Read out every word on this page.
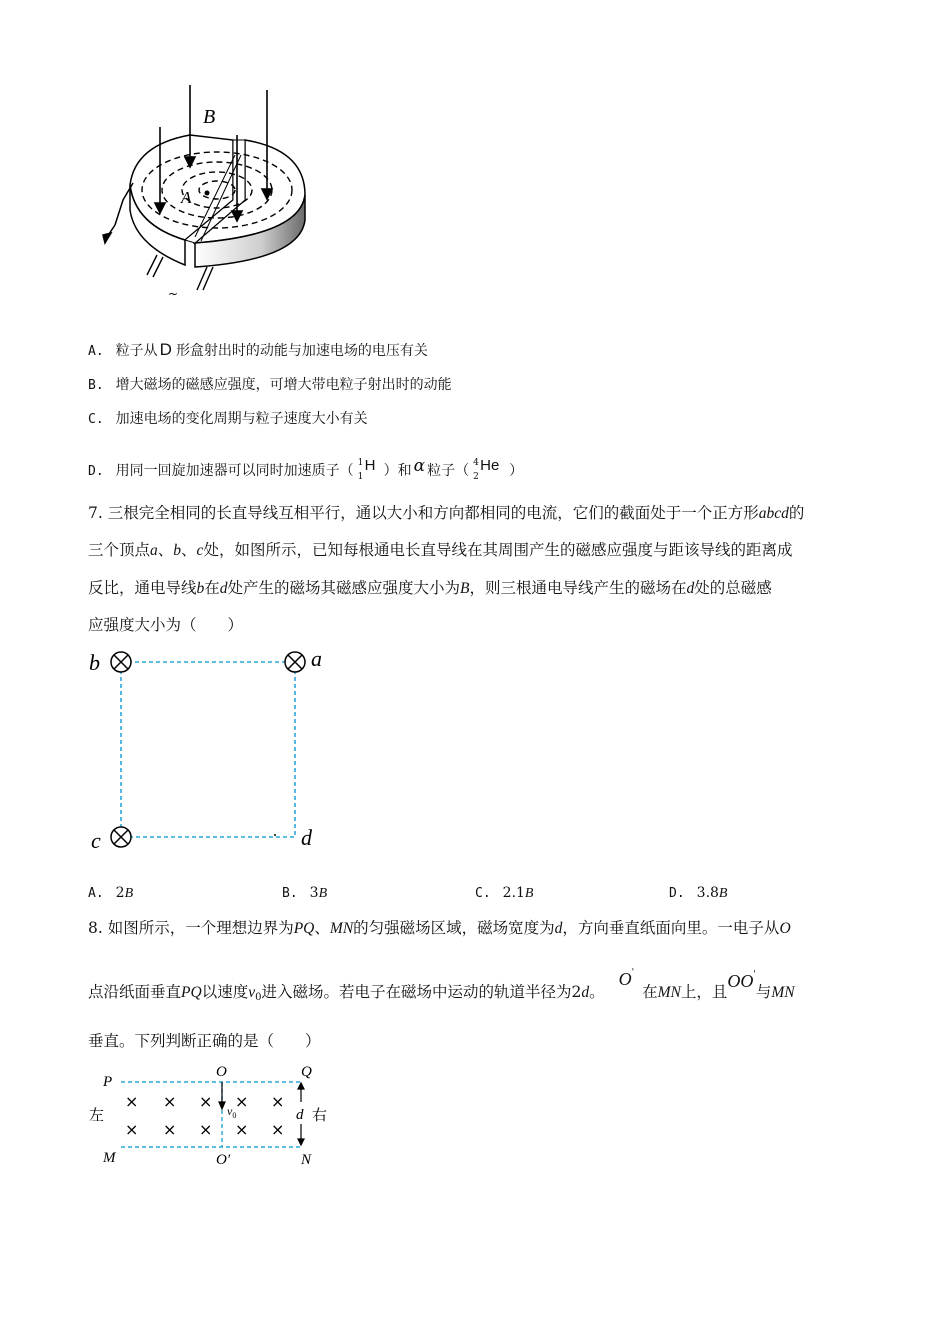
B
A
~
A. 粒子从 D 形盒射出时的动能与加速电场的电压有关
B. 增大磁场的磁感应强度，可增大带电粒子射出时的动能
C. 加速电场的变化周期与粒子速度大小有关
D. 用同一回旋加速器可以同时加速质子（ 1
1
H ）和 α 粒子（ 4
2
He ）
7. 三根完全相同的长直导线互相平行，通以大小和方向都相同的电流，它们的截面处于一个正方形abcd的
三个顶点a、b、c处，如图所示，已知每根通电长直导线在其周围产生的磁感应强度与距该导线的距离成
反比，通电导线b在d处产生的磁场其磁感应强度大小为B，则三根通电导线产生的磁场在d处的总磁感
应强度大小为（　　）
b	a
c	d
A. 2B	B. 3B	C. 2.1B	D. 3.8B
8. 如图所示，一个理想边界为PQ、MN的匀强磁场区域，磁场宽度为d，方向垂直纸面向里。一电子从O
点沿纸面垂直PQ以速度v0进入磁场。若电子在磁场中运动的轨道半径为2d。O'在MN上，且OO'与MN
垂直。下列判断正确的是（　　）
× × × × ×
× × × × ×
P
O	Q
M	O′	N
d
$v_0$
左	右
